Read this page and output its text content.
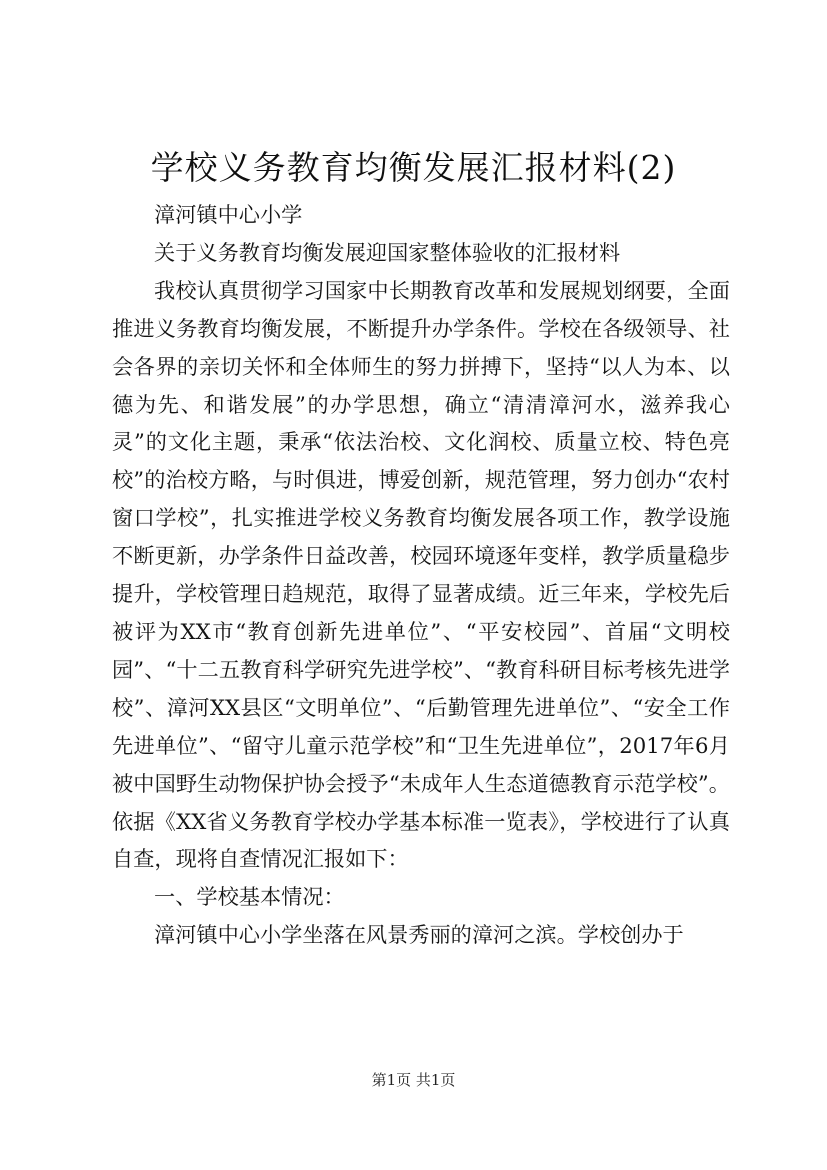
学校义务教育均衡发展汇报材料(2)

漳河镇中心小学

关于义务教育均衡发展迎国家整体验收的汇报材料

我校认真贯彻学习国家中长期教育改革和发展规划纲要，全面推进义务教育均衡发展，不断提升办学条件。学校在各级领导、社会各界的亲切关怀和全体师生的努力拼搏下，坚持“以人为本、以德为先、和谐发展”的办学思想，确立“清清漳河水，滋养我心灵”的文化主题，秉承“依法治校、文化润校、质量立校、特色亮校”的治校方略，与时俱进，博爱创新，规范管理，努力创办“农村窗口学校”，扎实推进学校义务教育均衡发展各项工作，教学设施不断更新，办学条件日益改善，校园环境逐年变样，教学质量稳步提升，学校管理日趋规范，取得了显著成绩。近三年来，学校先后被评为XX市“教育创新先进单位”、“平安校园”、首届“文明校园”、“十二五教育科学研究先进学校”、“教育科研目标考核先进学校”、漳河XX县区“文明单位”、“后勤管理先进单位”、“安全工作先进单位”、“留守儿童示范学校”和“卫生先进单位”，2017年6月被中国野生动物保护协会授予“未成年人生态道德教育示范学校”。依据《XX省义务教育学校办学基本标准一览表》，学校进行了认真自查，现将自查情况汇报如下：

一、学校基本情况：

漳河镇中心小学坐落在风景秀丽的漳河之滨。学校创办于

第1页 共1页
